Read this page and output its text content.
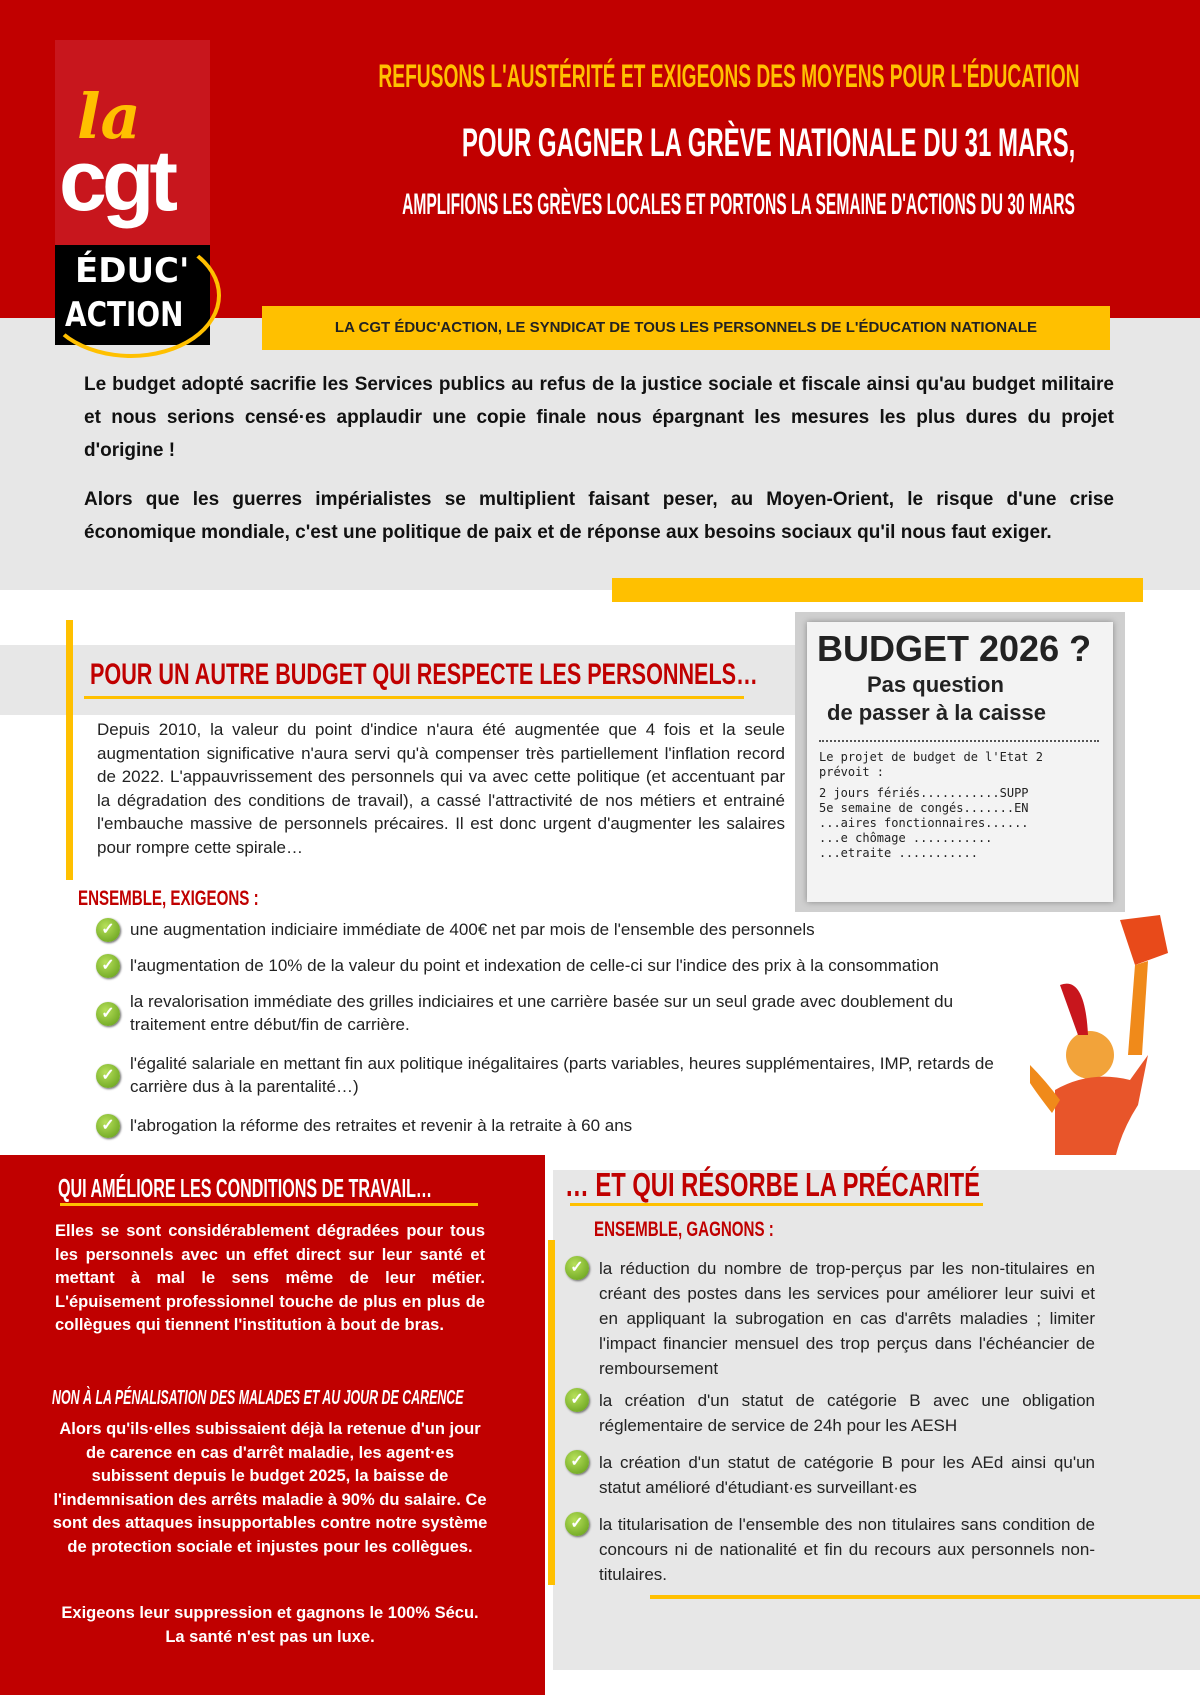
la
cgt
ÉDUC'
ACTION
REFUSONS L'AUSTÉRITÉ ET EXIGEONS DES MOYENS POUR L'ÉDUCATION
POUR GAGNER LA GRÈVE NATIONALE DU 31 MARS,
AMPLIFIONS LES GRÈVES LOCALES ET PORTONS LA SEMAINE D'ACTIONS DU 30 MARS
LA CGT ÉDUC'ACTION, LE SYNDICAT DE TOUS LES PERSONNELS DE L'ÉDUCATION NATIONALE
Le budget adopté sacrifie les Services publics au refus de la justice sociale et fiscale ainsi qu'au budget militaire et nous serions censé·es applaudir une copie finale nous épargnant les mesures les plus dures du projet d'origine !
Alors que les guerres impérialistes se multiplient faisant peser, au Moyen-Orient, le risque d'une crise économique mondiale, c'est une politique de paix et de réponse aux besoins sociaux qu'il nous faut exiger.
POUR UN AUTRE BUDGET QUI RESPECTE LES PERSONNELS…
Depuis 2010, la valeur du point d'indice n'aura été augmentée que 4 fois et la seule augmentation significative n'aura servi qu'à compenser très partiellement l'inflation record de 2022. L'appauvrissement des personnels qui va avec cette politique (et accentuant par la dégradation des conditions de travail), a cassé l'attractivité de nos métiers et entrainé l'embauche massive de personnels précaires. Il est donc urgent d'augmenter les salaires pour rompre cette spirale…
ENSEMBLE, EXIGEONS :
✓ une augmentation indiciaire immédiate de 400€ net par mois de l'ensemble des personnels
✓ l'augmentation de 10% de la valeur du point et indexation de celle-ci sur l'indice des prix à la consommation
✓
la revalorisation immédiate des grilles indiciaires et une carrière basée sur un seul grade avec doublement du traitement entre début/fin de carrière.
✓
l'égalité salariale en mettant fin aux politique inégalitaires (parts variables, heures supplémentaires, IMP, retards de carrière dus à la parentalité…)
✓ l'abrogation la réforme des retraites et revenir à la retraite à 60 ans
BUDGET 2026 ?
Pas question
de passer à la caisse
Le projet de budget de l'Etat 2
prévoit :
2 jours fériés...........SUPP
5e semaine de congés.......EN
...aires fonctionnaires......
...e chômage ...........
...etraite ...........
QUI AMÉLIORE LES CONDITIONS DE TRAVAIL…
Elles se sont considérablement dégradées pour tous les personnels avec un effet direct sur leur santé et mettant à mal le sens même de leur métier. L'épuisement professionnel touche de plus en plus de collègues qui tiennent l'institution à bout de bras.
NON À LA PÉNALISATION DES MALADES ET AU JOUR DE CARENCE
Alors qu'ils·elles subissaient déjà la retenue d'un jour de carence en cas d'arrêt maladie, les agent·es subissent depuis le budget 2025, la baisse de l'indemnisation des arrêts maladie à 90% du salaire. Ce sont des attaques insupportables contre notre système de protection sociale et injustes pour les collègues.
Exigeons leur suppression et gagnons le 100% Sécu. La santé n'est pas un luxe.
… ET QUI RÉSORBE LA PRÉCARITÉ
ENSEMBLE, GAGNONS :
✓ la réduction du nombre de trop-perçus par les non-titulaires en créant des postes dans les services pour améliorer leur suivi et en appliquant la subrogation en cas d'arrêts maladies ; limiter l'impact financier mensuel des trop perçus dans l'échéancier de remboursement
✓ la création d'un statut de catégorie B avec une obligation réglementaire de service de 24h pour les AESH
✓ la création d'un statut de catégorie B pour les AEd ainsi qu'un statut amélioré d'étudiant·es surveillant·es
✓ la titularisation de l'ensemble des non titulaires sans condition de concours ni de nationalité et fin du recours aux personnels non-titulaires.
